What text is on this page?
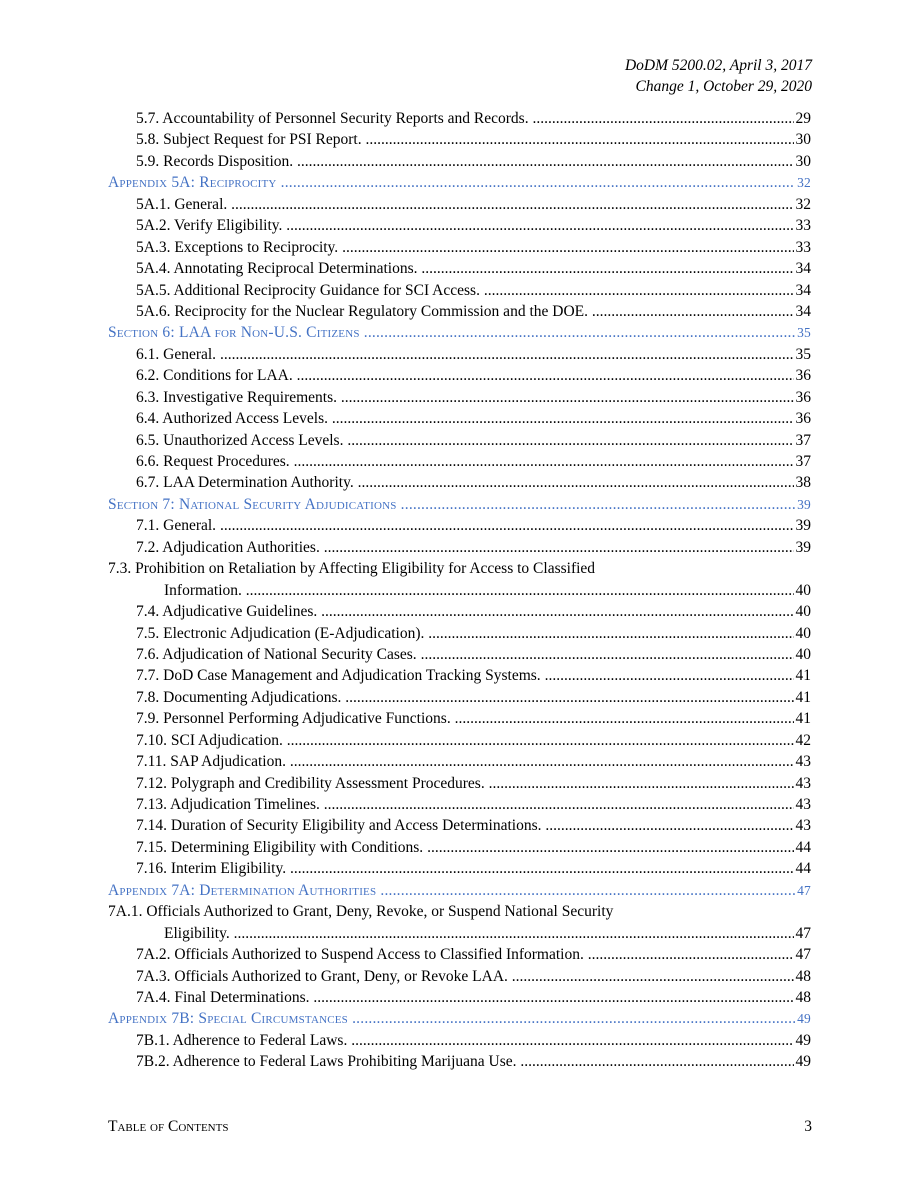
DoDM 5200.02, April 3, 2017
Change 1, October 29, 2020
5.7. Accountability of Personnel Security Reports and Records. .....	29
5.8. Subject Request for PSI Report. .....	30
5.9. Records Disposition. .....	30
Appendix 5A: Reciprocity .....	32
5A.1. General. .....	32
5A.2. Verify Eligibility. .....	33
5A.3. Exceptions to Reciprocity. .....	33
5A.4. Annotating Reciprocal Determinations. .....	34
5A.5. Additional Reciprocity Guidance for SCI Access. .....	34
5A.6. Reciprocity for the Nuclear Regulatory Commission and the DOE. .....	34
Section 6: LAA for Non-U.S. Citizens .....	35
6.1. General. .....	35
6.2. Conditions for LAA. .....	36
6.3. Investigative Requirements. .....	36
6.4. Authorized Access Levels. .....	36
6.5. Unauthorized Access Levels. .....	37
6.6. Request Procedures. .....	37
6.7. LAA Determination Authority. .....	38
Section 7: National Security Adjudications .....	39
7.1. General. .....	39
7.2. Adjudication Authorities. .....	39
7.3. Prohibition on Retaliation by Affecting Eligibility for Access to Classified
Information. .....	40
7.4. Adjudicative Guidelines. .....	40
7.5. Electronic Adjudication (E-Adjudication). .....	40
7.6. Adjudication of National Security Cases. .....	40
7.7. DoD Case Management and Adjudication Tracking Systems. .....	41
7.8. Documenting Adjudications. .....	41
7.9. Personnel Performing Adjudicative Functions. .....	41
7.10. SCI Adjudication. .....	42
7.11. SAP Adjudication. .....	43
7.12. Polygraph and Credibility Assessment Procedures. .....	43
7.13. Adjudication Timelines. .....	43
7.14. Duration of Security Eligibility and Access Determinations. .....	43
7.15. Determining Eligibility with Conditions. .....	44
7.16. Interim Eligibility. .....	44
Appendix 7A: Determination Authorities .....	47
7A.1. Officials Authorized to Grant, Deny, Revoke, or Suspend National Security
Eligibility. .....	47
7A.2. Officials Authorized to Suspend Access to Classified Information. .....	47
7A.3. Officials Authorized to Grant, Deny, or Revoke LAA. .....	48
7A.4. Final Determinations. .....	48
Appendix 7B: Special Circumstances .....	49
7B.1. Adherence to Federal Laws. .....	49
7B.2. Adherence to Federal Laws Prohibiting Marijuana Use. .....	49
Table of Contents	3
